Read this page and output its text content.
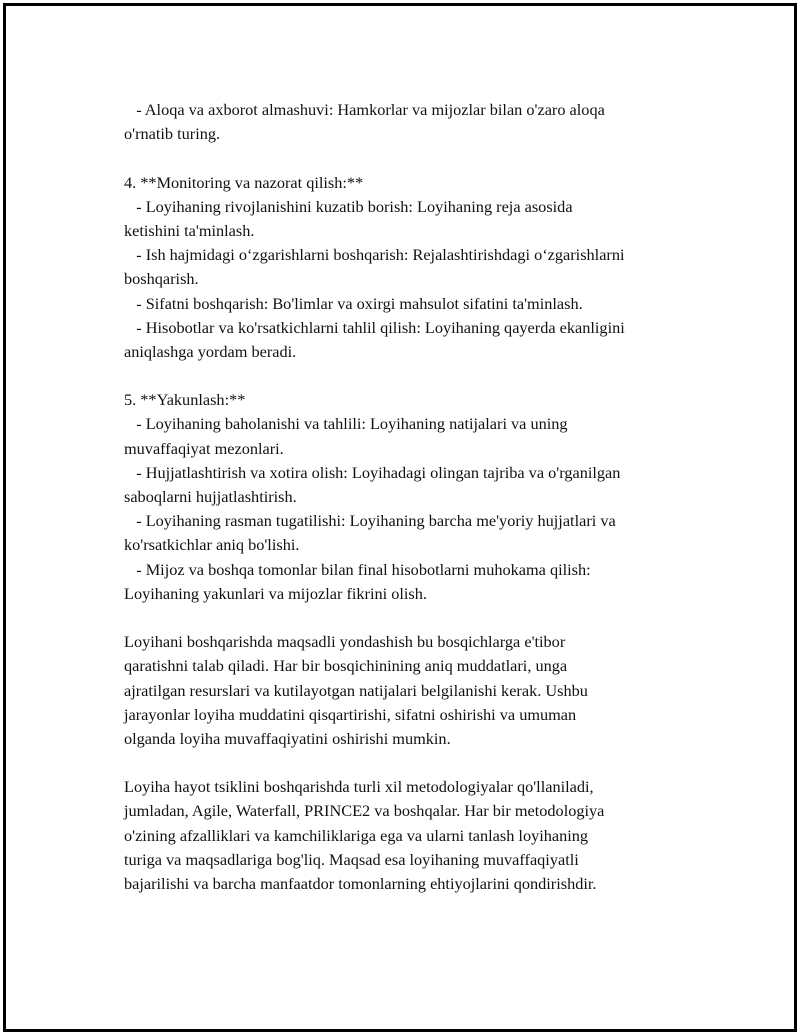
- Aloqa va axborot almashuvi: Hamkorlar va mijozlar bilan o'zaro aloqa
o'rnatib turing.
4. **Monitoring va nazorat qilish:**
- Loyihaning rivojlanishini kuzatib borish: Loyihaning reja asosida
ketishini ta'minlash.
- Ish hajmidagi o‘zgarishlarni boshqarish: Rejalashtirishdagi o‘zgarishlarni
boshqarish.
- Sifatni boshqarish: Bo'limlar va oxirgi mahsulot sifatini ta'minlash.
- Hisobotlar va ko'rsatkichlarni tahlil qilish: Loyihaning qayerda ekanligini
aniqlashga yordam beradi.
5. **Yakunlash:**
- Loyihaning baholanishi va tahlili: Loyihaning natijalari va uning
muvaffaqiyat mezonlari.
- Hujjatlashtirish va xotira olish: Loyihadagi olingan tajriba va o'rganilgan
saboqlarni hujjatlashtirish.
- Loyihaning rasman tugatilishi: Loyihaning barcha me'yoriy hujjatlari va
ko'rsatkichlar aniq bo'lishi.
- Mijoz va boshqa tomonlar bilan final hisobotlarni muhokama qilish:
Loyihaning yakunlari va mijozlar fikrini olish.
Loyihani boshqarishda maqsadli yondashish bu bosqichlarga e'tibor
qaratishni talab qiladi. Har bir bosqichinining aniq muddatlari, unga
ajratilgan resurslari va kutilayotgan natijalari belgilanishi kerak. Ushbu
jarayonlar loyiha muddatini qisqartirishi, sifatni oshirishi va umuman
olganda loyiha muvaffaqiyatini oshirishi mumkin.
Loyiha hayot tsiklini boshqarishda turli xil metodologiyalar qo'llaniladi,
jumladan, Agile, Waterfall, PRINCE2 va boshqalar. Har bir metodologiya
o'zining afzalliklari va kamchiliklariga ega va ularni tanlash loyihaning
turiga va maqsadlariga bog'liq. Maqsad esa loyihaning muvaffaqiyatli
bajarilishi va barcha manfaatdor tomonlarning ehtiyojlarini qondirishdir.
